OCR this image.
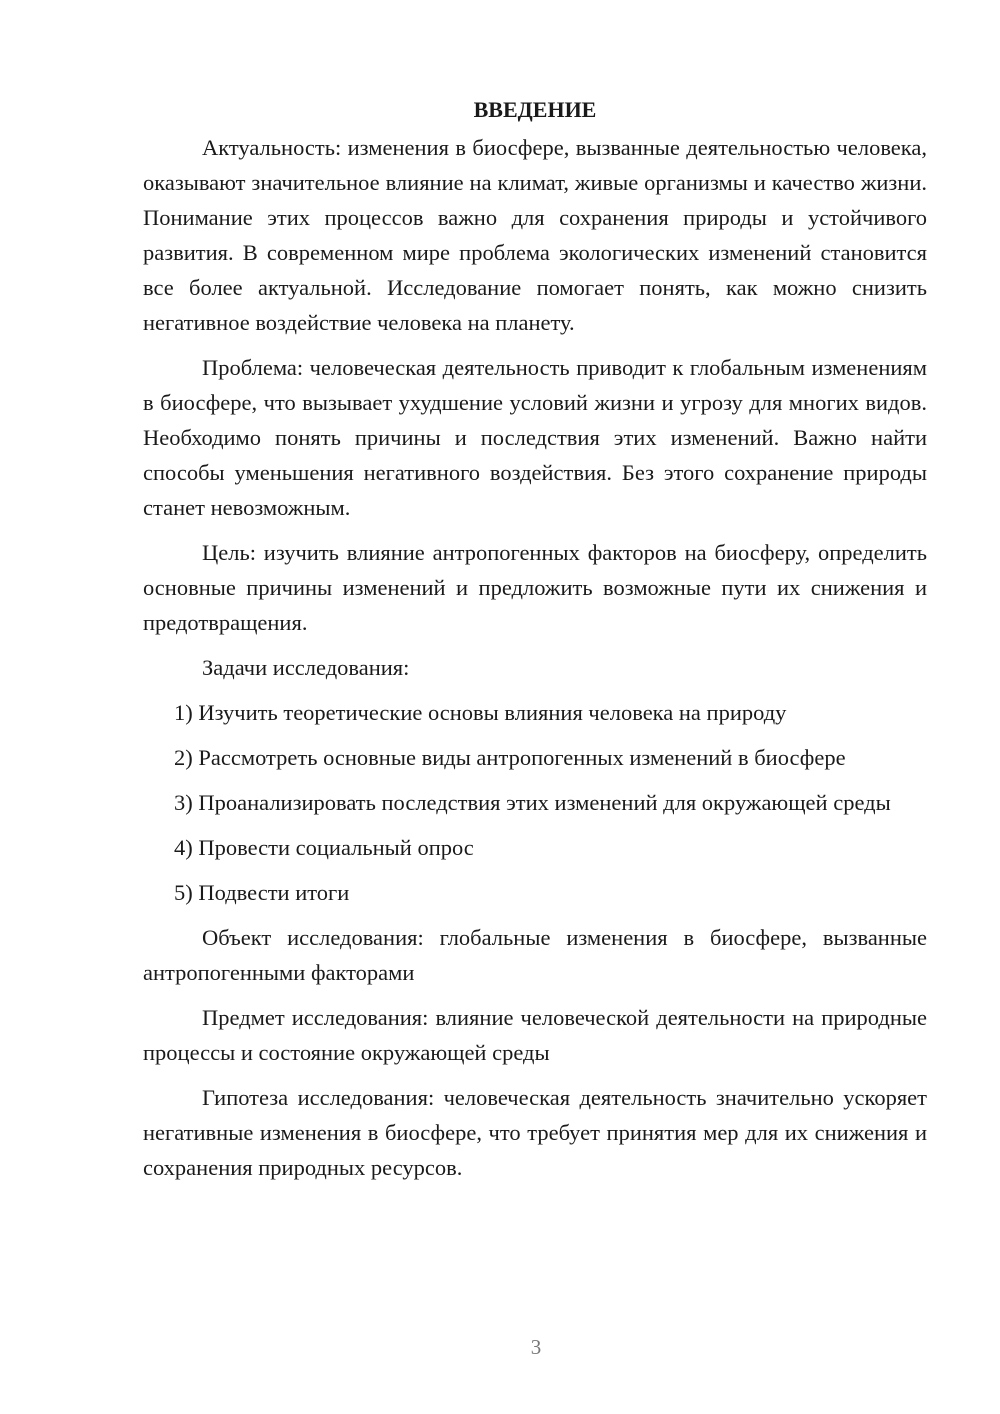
ВВЕДЕНИЕ

Актуальность: изменения в биосфере, вызванные деятельностью человека, оказывают значительное влияние на климат, живые организмы и качество жизни. Понимание этих процессов важно для сохранения природы и устойчивого развития. В современном мире проблема экологических изменений становится все более актуальной. Исследование помогает понять, как можно снизить негативное воздействие человека на планету.

Проблема: человеческая деятельность приводит к глобальным изменениям в биосфере, что вызывает ухудшение условий жизни и угрозу для многих видов. Необходимо понять причины и последствия этих изменений. Важно найти способы уменьшения негативного воздействия. Без этого сохранение природы станет невозможным.

Цель: изучить влияние антропогенных факторов на биосферу, определить основные причины изменений и предложить возможные пути их снижения и предотвращения.

Задачи исследования:

1) Изучить теоретические основы влияния человека на природу

2) Рассмотреть основные виды антропогенных изменений в биосфере

3) Проанализировать последствия этих изменений для окружающей среды

4) Провести социальный опрос

5) Подвести итоги

Объект исследования: глобальные изменения в биосфере, вызванные антропогенными факторами

Предмет исследования: влияние человеческой деятельности на природные процессы и состояние окружающей среды

Гипотеза исследования: человеческая деятельность значительно ускоряет негативные изменения в биосфере, что требует принятия мер для их снижения и сохранения природных ресурсов.

3
